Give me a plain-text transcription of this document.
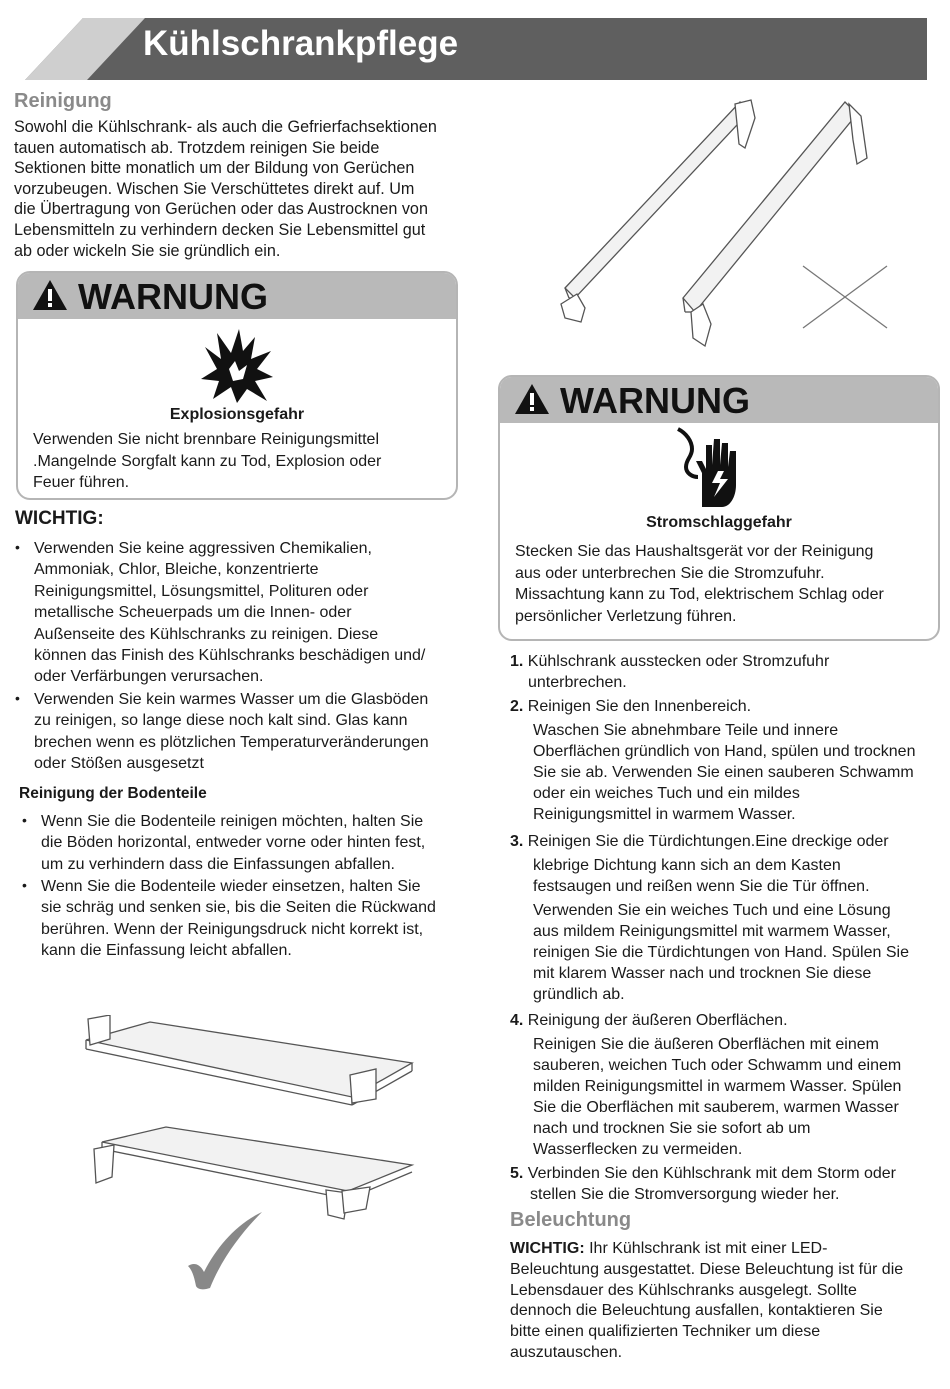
Kühlschrankpflege
Reinigung
Sowohl die Kühlschrank- als auch die Gefrierfachsektionen
tauen automatisch ab. Trotzdem reinigen Sie beide
Sektionen bitte monatlich um der Bildung von Gerüchen
vorzubeugen. Wischen Sie Verschüttetes direkt auf. Um
die Übertragung von Gerüchen oder das Austrocknen von
Lebensmitteln zu verhindern decken Sie Lebensmittel gut
ab oder wickeln Sie sie gründlich ein.
WARNUNG
Explosionsgefahr
Verwenden Sie nicht brennbare Reinigungsmittel
.Mangelnde Sorgfalt kann zu Tod, Explosion oder
Feuer führen.
WICHTIG:
• Verwenden Sie keine aggressiven Chemikalien,
Ammoniak, Chlor, Bleiche, konzentrierte
Reinigungsmittel, Lösungsmittel, Polituren oder
metallische Scheuerpads um die Innen- oder
Außenseite des Kühlschranks zu reinigen. Diese
können das Finish des Kühlschranks beschädigen und/
oder Verfärbungen verursachen.
• Verwenden Sie kein warmes Wasser um die Glasböden
zu reinigen, so lange diese noch kalt sind. Glas kann
brechen wenn es plötzlichen Temperaturveränderungen
oder Stößen ausgesetzt
Reinigung der Bodenteile
• Wenn Sie die Bodenteile reinigen möchten, halten Sie
die Böden horizontal, entweder vorne oder hinten fest,
um zu verhindern dass die Einfassungen abfallen.
• Wenn Sie die Bodenteile wieder einsetzen, halten Sie
sie schräg und senken sie, bis die Seiten die Rückwand
berühren. Wenn der Reinigungsdruck nicht korrekt ist,
kann die Einfassung leicht abfallen.
WARNUNG
Stromschlaggefahr
Stecken Sie das Haushaltsgerät vor der Reinigung
aus oder unterbrechen Sie die Stromzufuhr.
Missachtung kann zu Tod, elektrischem Schlag oder
persönlicher Verletzung führen.
1. Kühlschrank ausstecken oder Stromzufuhr
unterbrechen.
2. Reinigen Sie den Innenbereich.
Waschen Sie abnehmbare Teile und innere
Oberflächen gründlich von Hand, spülen und trocknen
Sie sie ab. Verwenden Sie einen sauberen Schwamm
oder ein weiches Tuch und ein mildes
Reinigungsmittel in warmem Wasser.
3. Reinigen Sie die Türdichtungen.Eine dreckige oder
klebrige Dichtung kann sich an dem Kasten
festsaugen und reißen wenn Sie die Tür öffnen.
Verwenden Sie ein weiches Tuch und eine Lösung
aus mildem Reinigungsmittel mit warmem Wasser,
reinigen Sie die Türdichtungen von Hand. Spülen Sie
mit klarem Wasser nach und trocknen Sie diese
gründlich ab.
4. Reinigung der äußeren Oberflächen.
Reinigen Sie die äußeren Oberflächen mit einem
sauberen, weichen Tuch oder Schwamm und einem
milden Reinigungsmittel in warmem Wasser. Spülen
Sie die Oberflächen mit sauberem, warmen Wasser
nach und trocknen Sie sie sofort ab um
Wasserflecken zu vermeiden.
5. Verbinden Sie den Kühlschrank mit dem Storm oder
stellen Sie die Stromversorgung wieder her.
Beleuchtung
WICHTIG: Ihr Kühlschrank ist mit einer LED-
Beleuchtung ausgestattet. Diese Beleuchtung ist für die
Lebensdauer des Kühlschranks ausgelegt. Sollte
dennoch die Beleuchtung ausfallen, kontaktieren Sie
bitte einen qualifizierten Techniker um diese
auszutauschen.
